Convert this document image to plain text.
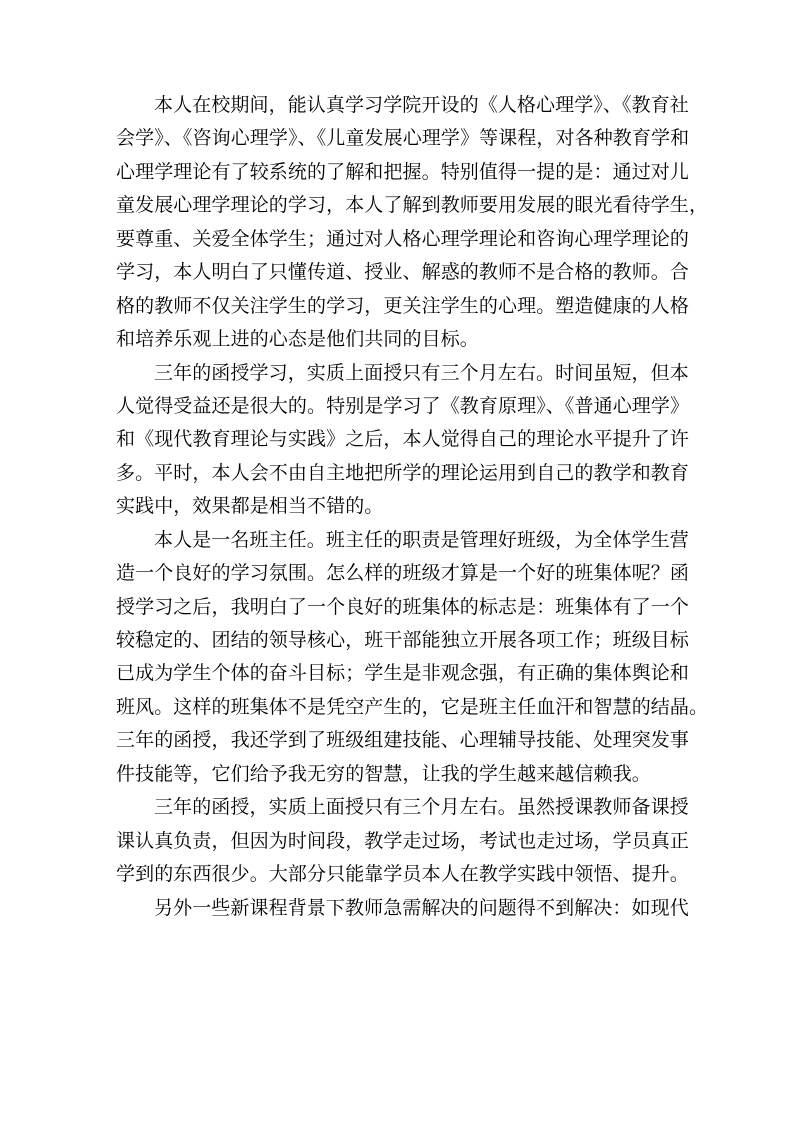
本人在校期间，能认真学习学院开设的《人格心理学》、《教育社
会学》、《咨询心理学》、《儿童发展心理学》等课程，对各种教育学和
心理学理论有了较系统的了解和把握。特别值得一提的是：通过对儿
童发展心理学理论的学习，本人了解到教师要用发展的眼光看待学生，
要尊重、关爱全体学生；通过对人格心理学理论和咨询心理学理论的
学习，本人明白了只懂传道、授业、解惑的教师不是合格的教师。合
格的教师不仅关注学生的学习，更关注学生的心理。塑造健康的人格
和培养乐观上进的心态是他们共同的目标。
三年的函授学习，实质上面授只有三个月左右。时间虽短，但本
人觉得受益还是很大的。特别是学习了《教育原理》、《普通心理学》
和《现代教育理论与实践》之后，本人觉得自己的理论水平提升了许
多。平时，本人会不由自主地把所学的理论运用到自己的教学和教育
实践中，效果都是相当不错的。
本人是一名班主任。班主任的职责是管理好班级，为全体学生营
造一个良好的学习氛围。怎么样的班级才算是一个好的班集体呢？函
授学习之后，我明白了一个良好的班集体的标志是：班集体有了一个
较稳定的、团结的领导核心，班干部能独立开展各项工作；班级目标
已成为学生个体的奋斗目标；学生是非观念强，有正确的集体舆论和
班风。这样的班集体不是凭空产生的，它是班主任血汗和智慧的结晶。
三年的函授，我还学到了班级组建技能、心理辅导技能、处理突发事
件技能等，它们给予我无穷的智慧，让我的学生越来越信赖我。
三年的函授，实质上面授只有三个月左右。虽然授课教师备课授
课认真负责，但因为时间段，教学走过场，考试也走过场，学员真正
学到的东西很少。大部分只能靠学员本人在教学实践中领悟、提升。
另外一些新课程背景下教师急需解决的问题得不到解决：如现代
